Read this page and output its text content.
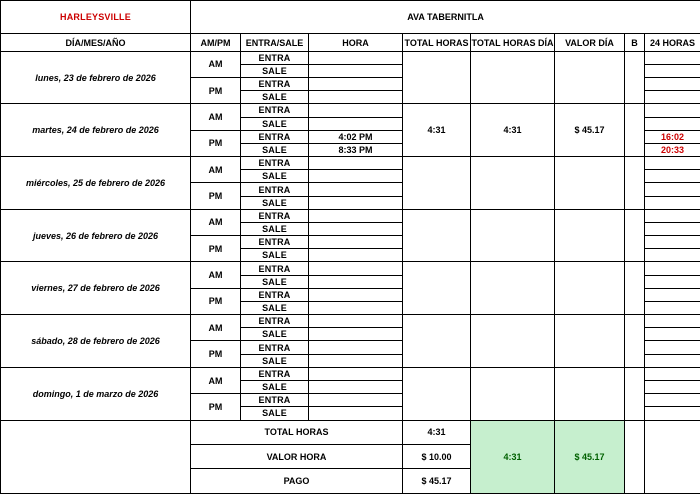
HARLEYSVILLE	AVA TABERNITLA							
DÍA/MES/AÑO	AM/PM	ENTRA/SALE	HORA	TOTAL HORAS	TOTAL HORAS DÍA	VALOR DÍA	B	24 HORAS
lunes, 23 de febrero de 2026	AM	ENTRA						
		SALE						
	PM	ENTRA						
		SALE						
martes, 24 de febrero de 2026	AM	ENTRA		4:31	4:31	$ 45.17		
		SALE						
	PM	ENTRA	4:02 PM					16:02
		SALE	8:33 PM					20:33
miércoles, 25 de febrero de 2026	AM	ENTRA						
		SALE						
	PM	ENTRA						
		SALE						
jueves, 26 de febrero de 2026	AM	ENTRA						
		SALE						
	PM	ENTRA						
		SALE						
viernes, 27 de febrero de 2026	AM	ENTRA						
		SALE						
	PM	ENTRA						
		SALE						
sábado, 28 de febrero de 2026	AM	ENTRA						
		SALE						
	PM	ENTRA						
		SALE						
domingo, 1 de marzo de 2026	AM	ENTRA						
		SALE						
	PM	ENTRA						
		SALE						
	TOTAL HORAS			4:31	4:31	$ 45.17		
	VALOR HORA			$ 10.00				
	PAGO			$ 45.17				
